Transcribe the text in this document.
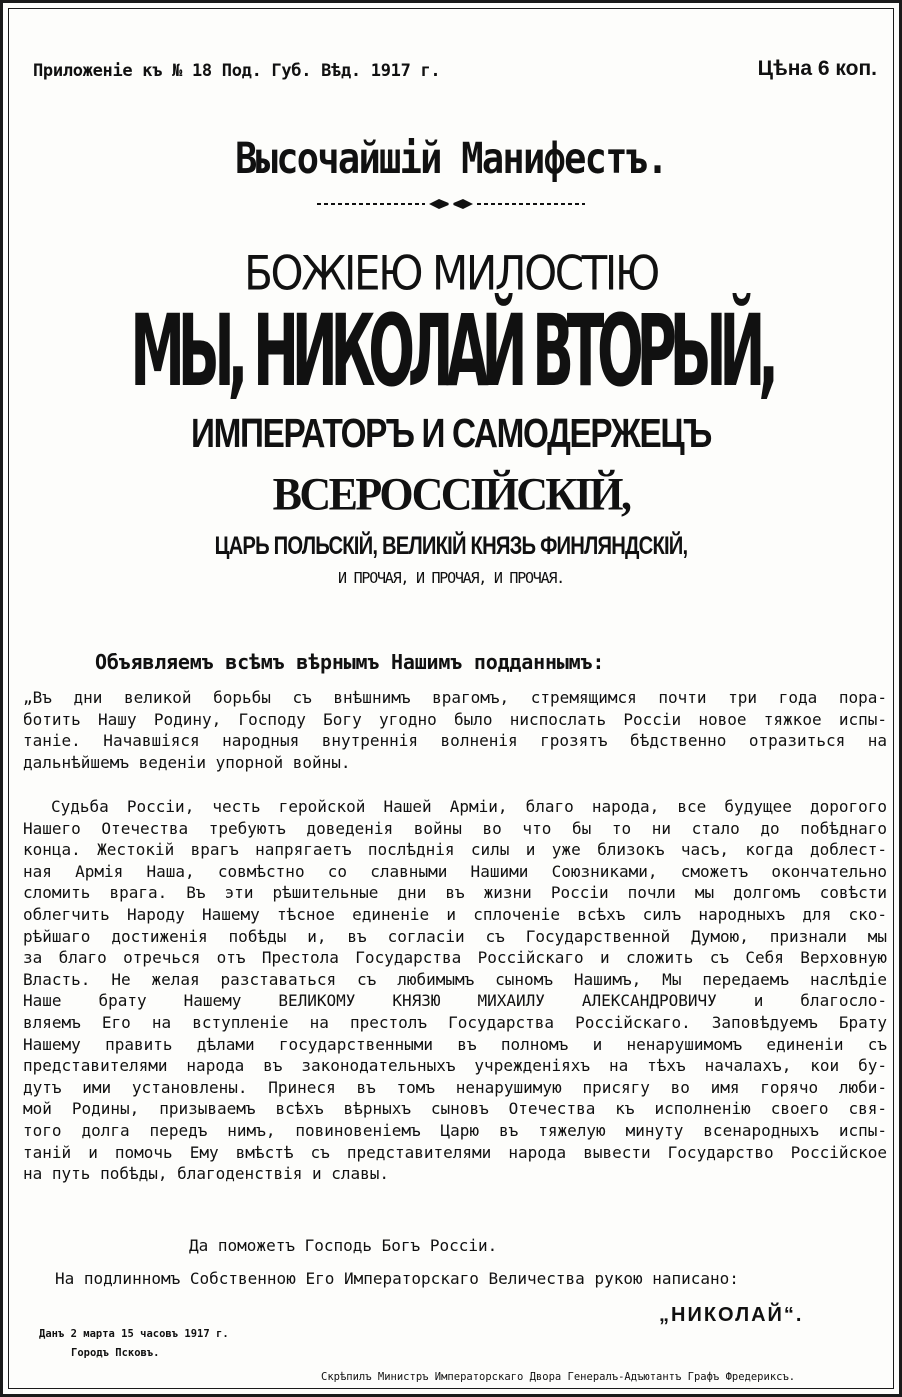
Приложеніе къ № 18 Под. Губ. Вѣд. 1917 г.	Цѣна 6 коп.
Высочайшій Манифестъ.
БОЖІЕЮ МИЛОСТІЮ
МЫ, НИКОЛАЙ ВТОРЫЙ,
ИМПЕРАТОРЪ И САМОДЕРЖЕЦЪ
ВСЕРОССІЙСКІЙ,
ЦАРЬ ПОЛЬСКІЙ, ВЕЛИКІЙ КНЯЗЬ ФИНЛЯНДСКІЙ,
И ПРОЧАЯ, И ПРОЧАЯ, И ПРОЧАЯ.
Объявляемъ всѣмъ вѣрнымъ Нашимъ подданнымъ:
„Въ дни великой борьбы съ внѣшнимъ врагомъ, стремящимся почти три года пора-
ботить Нашу Родину, Господу Богу угодно было ниспослать Россіи новое тяжкое испы-
таніе. Начавшіяся народныя внутреннія волненія грозятъ бѣдственно отразиться на
дальнѣйшемъ веденіи упорной войны.
Судьба Россіи, честь геройской Нашей Арміи, благо народа, все будущее дорогого
Нашего Отечества требуютъ доведенія войны во что бы то ни стало до побѣднаго
конца. Жестокій врагъ напрягаетъ послѣднія силы и уже близокъ часъ, когда доблест-
ная Армія Наша, совмѣстно со славными Нашими Союзниками, сможетъ окончательно
сломить врага. Въ эти рѣшительные дни въ жизни Россіи почли мы долгомъ совѣсти
облегчить Народу Нашему тѣсное единеніе и сплоченіе всѣхъ силъ народныхъ для ско-
рѣйшаго достиженія побѣды и, въ согласіи съ Государственной Думою, признали мы
за благо отречься отъ Престола Государства Россійскаго и сложить съ Себя Верховную
Власть. Не желая разставаться съ любимымъ сыномъ Нашимъ, Мы передаемъ наслѣдіе
Наше брату Нашему ВЕЛИКОМУ КНЯЗЮ МИХАИЛУ АЛЕКСАНДРОВИЧУ и благосло-
вляемъ Его на вступленіе на престолъ Государства Россійскаго. Заповѣдуемъ Брату
Нашему править дѣлами государственными въ полномъ и ненарушимомъ единеніи съ
представителями народа въ законодательныхъ учрежденіяхъ на тѣхъ началахъ, кои бу-
дутъ ими установлены. Принеся въ томъ ненарушимую присягу во имя горячо люби-
мой Родины, призываемъ всѣхъ вѣрныхъ сыновъ Отечества къ исполненію своего свя-
того долга передъ нимъ, повиновеніемъ Царю въ тяжелую минуту всенародныхъ испы-
таній и помочь Ему вмѣстѣ съ представителями народа вывести Государство Россійское
на путь побѣды, благоденствія и славы.
Да поможетъ Господь Богъ Россіи.
На подлинномъ Собственною Его Императорскаго Величества рукою написано:
„НИКОЛАЙ“.
Данъ 2 марта 15 часовъ 1917 г.
Городъ Псковъ.
Скрѣпилъ Министръ Императорскаго Двора Генералъ-Адъютантъ Графъ Фредериксъ.
